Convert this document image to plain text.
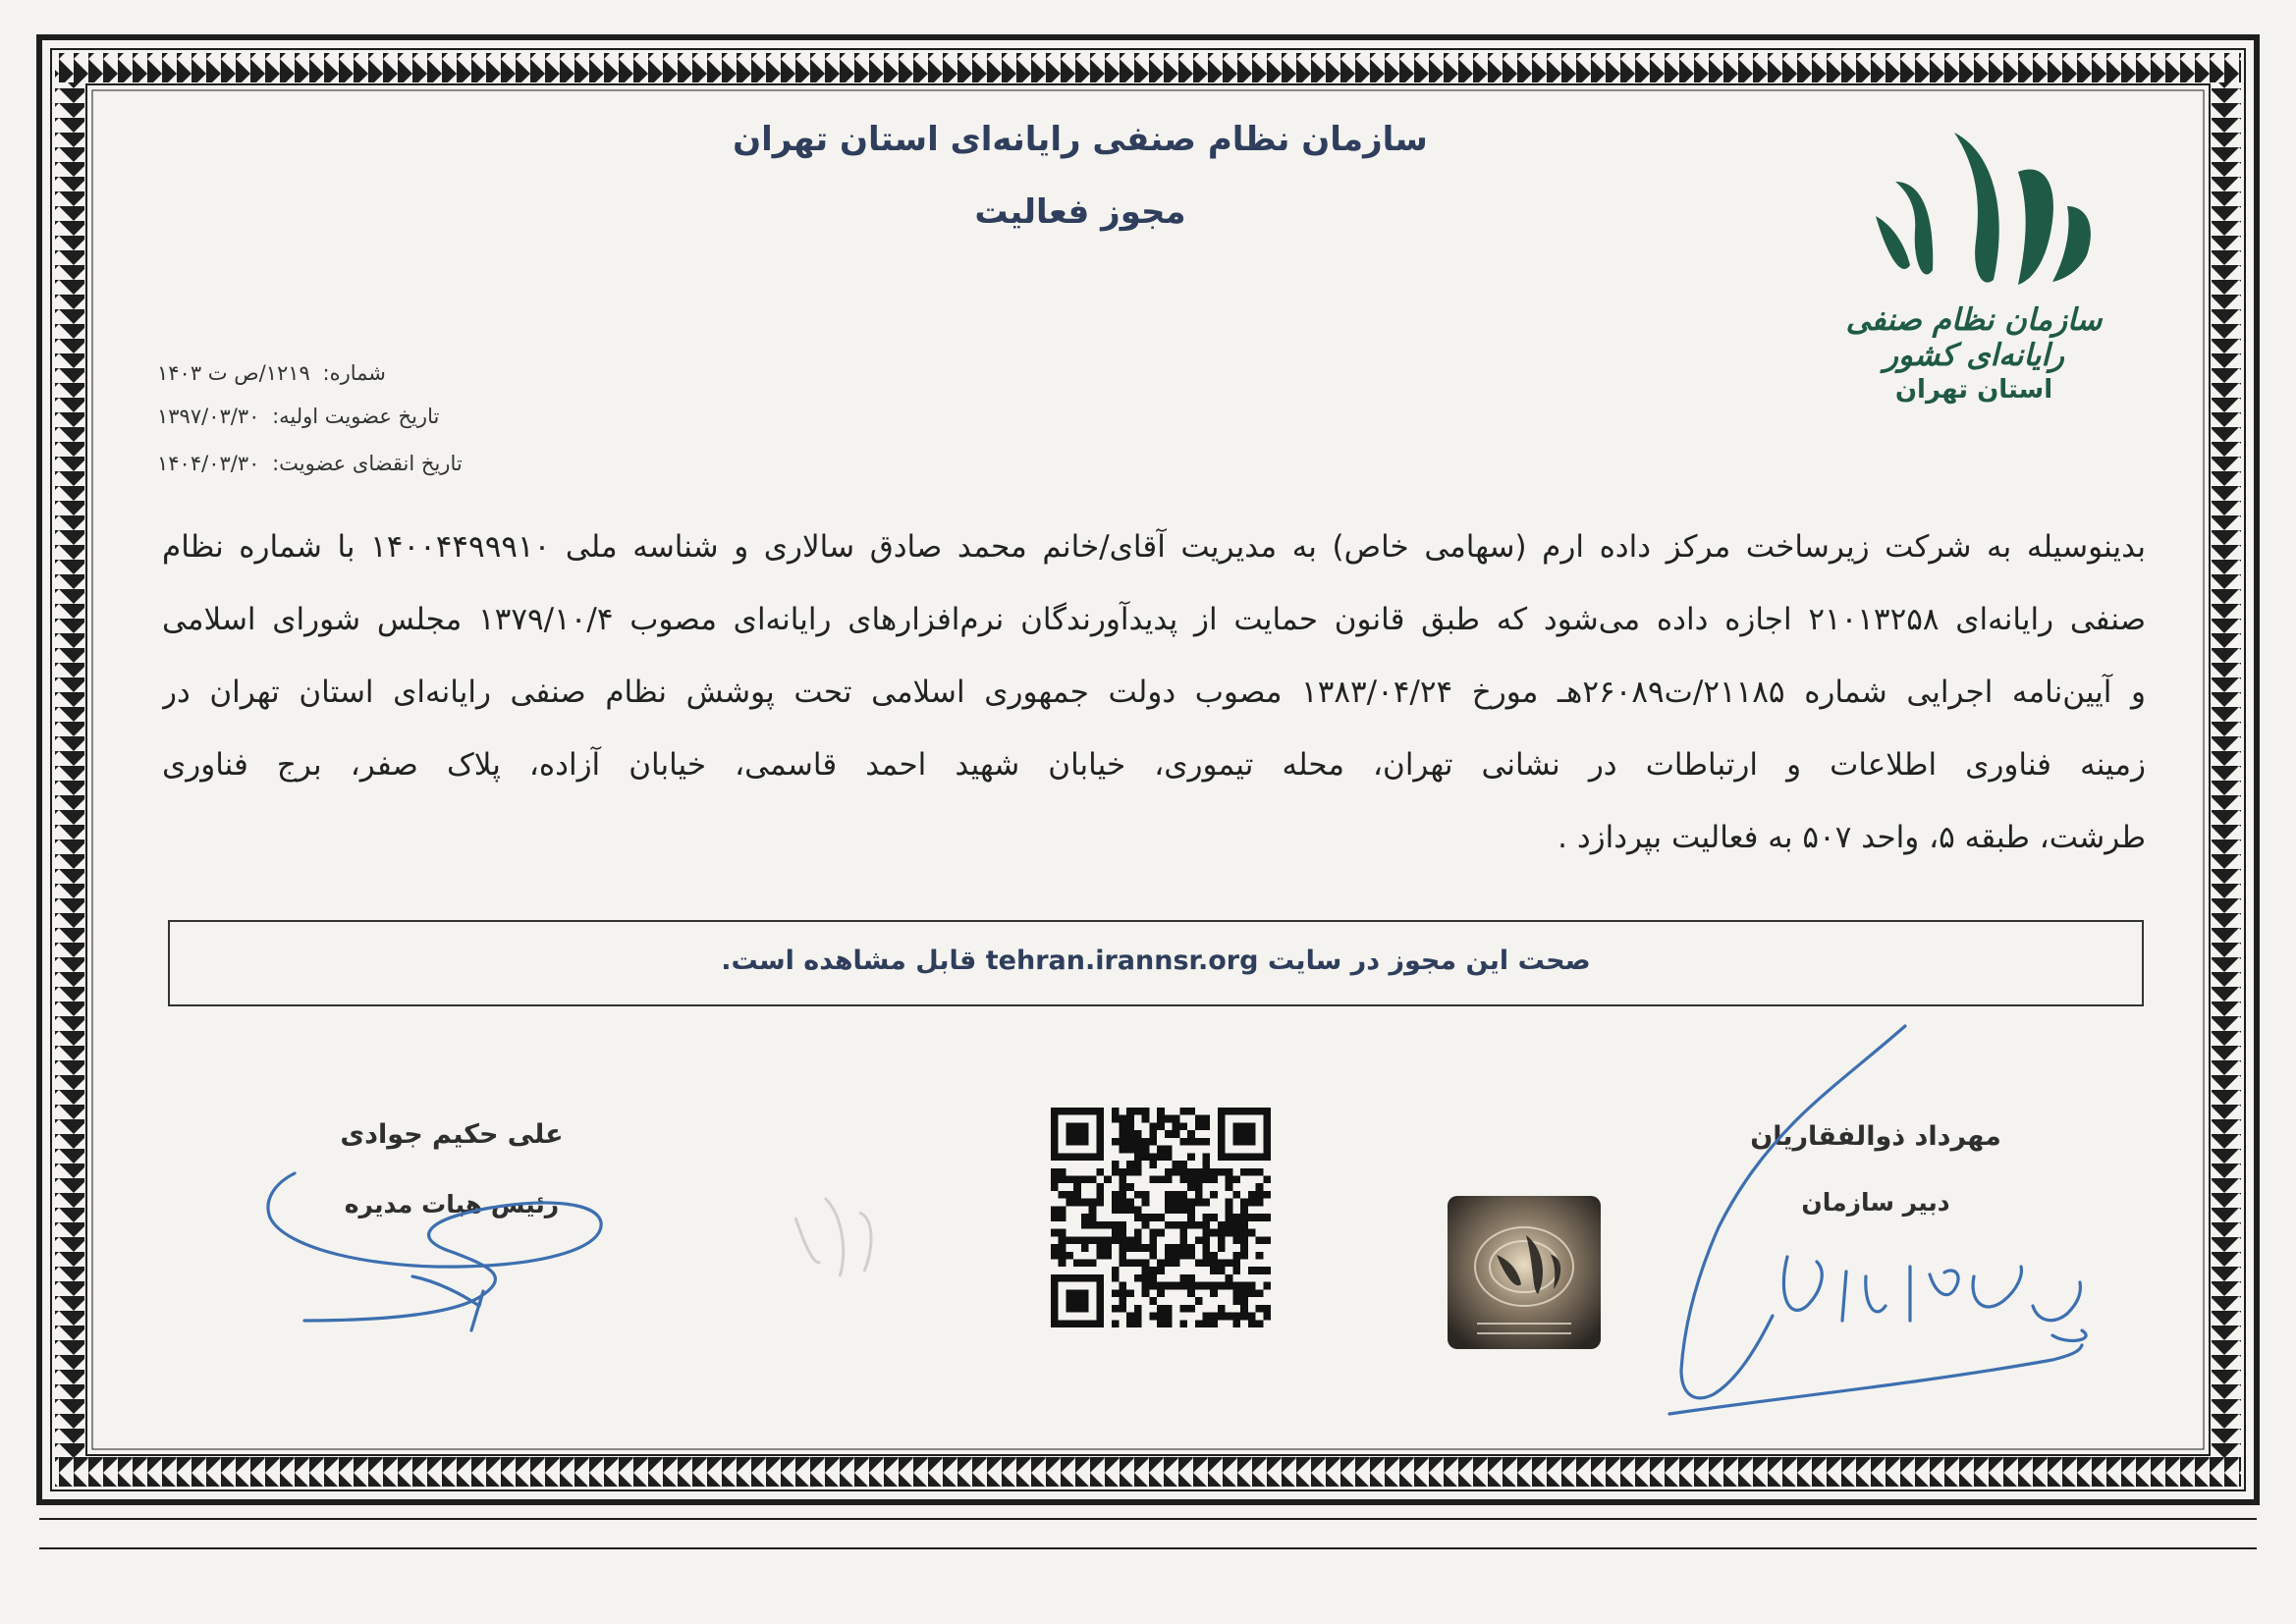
سازمان نظام صنفی رایانه‌ای استان تهران
مجوز فعالیت
سازمان نظام صنفی رایانه‌ای کشور
استان تهران
شماره: ۱۲۱۹/ص ت ۱۴۰۳
تاریخ عضویت اولیه: ۱۳۹۷/۰۳/۳۰
تاریخ انقضای عضویت: ۱۴۰۴/۰۳/۳۰
بدینوسیله به شرکت زیرساخت مرکز داده ارم (سهامی خاص) به مدیریت آقای/خانم محمد صادق سالاری و شناسه ملی ۱۴۰۰۴۴۹۹۹۱۰ با شماره نظام
صنفی رایانه‌ای ۲۱۰۱۳۲۵۸ اجازه داده می‌شود که طبق قانون حمایت از پدیدآورندگان نرم‌افزارهای رایانه‌ای مصوب ۱۳۷۹/۱۰/۴ مجلس شورای اسلامی
و آیین‌نامه اجرایی شماره ۲۱۱۸۵/ت۲۶۰۸۹هـ مورخ ۱۳۸۳/۰۴/۲۴ مصوب دولت جمهوری اسلامی تحت پوشش نظام صنفی رایانه‌ای استان تهران در
زمینه فناوری اطلاعات و ارتباطات در نشانی تهران، محله تیموری، خیابان شهید احمد قاسمی، خیابان آزاده، پلاک صفر، برج فناوری
طرشت، طبقه ۵، واحد ۵۰۷ به فعالیت بپردازد .
صحت این مجوز در سایت tehran.irannsr.org قابل مشاهده است.
مهرداد ذوالفقاریان
دبیر سازمان
علی حکیم جوادی
رئیس هیات مدیره
